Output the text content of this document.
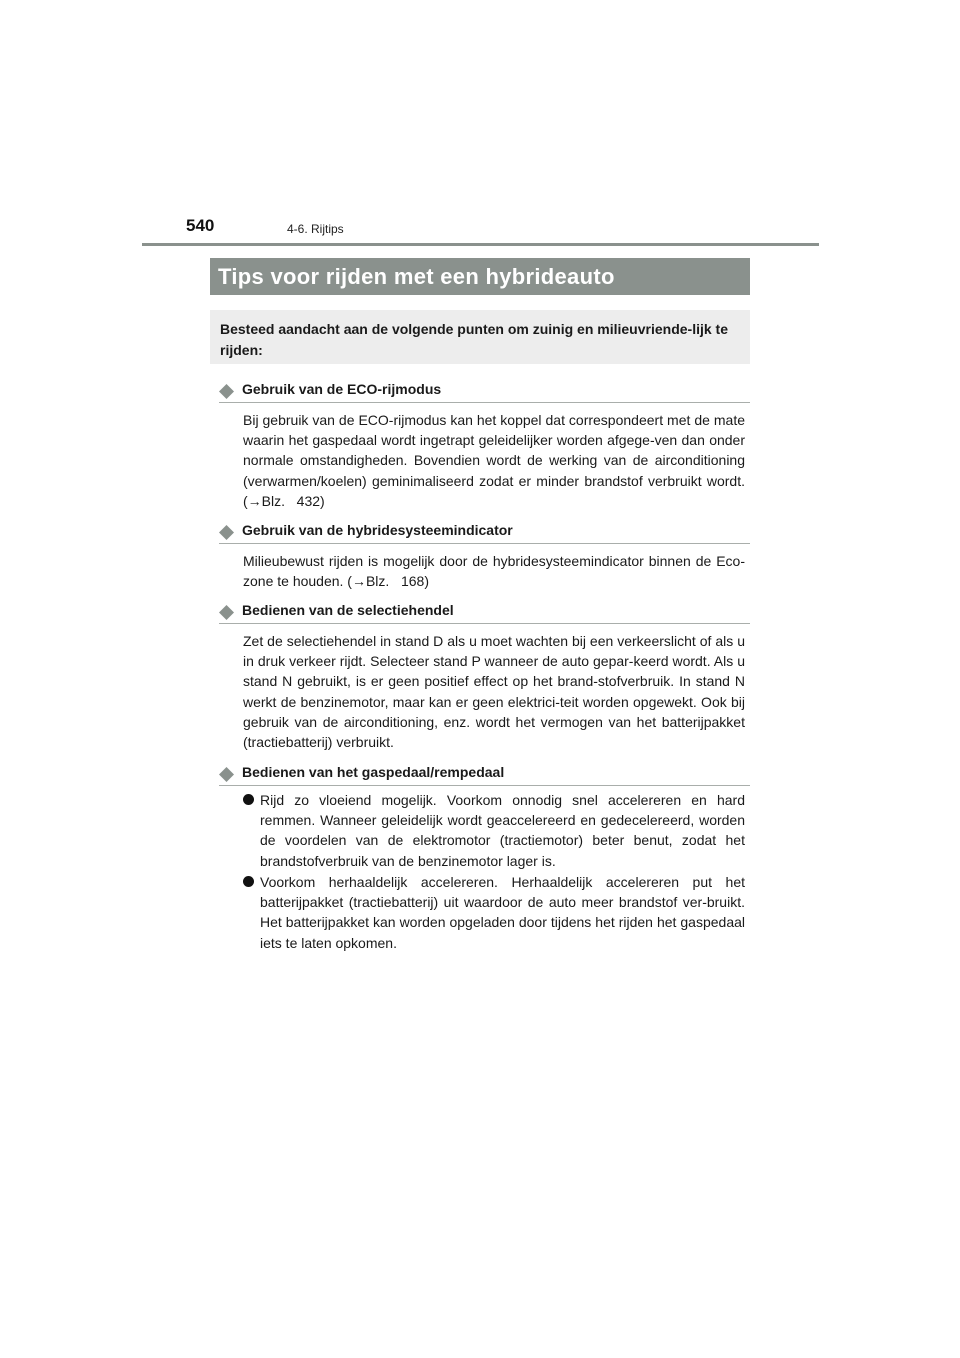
540	4-6. Rijtips
Tips voor rijden met een hybrideauto
Besteed aandacht aan de volgende punten om zuinig en milieuvriende-lijk te rijden:
Gebruik van de ECO-rijmodus

Bij gebruik van de ECO-rijmodus kan het koppel dat correspondeert met de mate waarin het gaspedaal wordt ingetrapt geleidelijker worden afgege-ven dan onder normale omstandigheden. Bovendien wordt de werking van de airconditioning (verwarmen/koelen) geminimaliseerd zodat er minder brandstof verbruikt wordt. (→Blz.   432)

Gebruik van de hybridesysteemindicator

Milieubewust rijden is mogelijk door de hybridesysteemindicator binnen de Eco-zone te houden. (→Blz.   168)

Bedienen van de selectiehendel

Zet de selectiehendel in stand D als u moet wachten bij een verkeerslicht of als u in druk verkeer rijdt. Selecteer stand P wanneer de auto gepar-keerd wordt. Als u stand N gebruikt, is er geen positief effect op het brand-stofverbruik. In stand N werkt de benzinemotor, maar kan er geen elektrici-teit worden opgewekt. Ook bij gebruik van de airconditioning, enz. wordt het vermogen van het batterijpakket (tractiebatterij) verbruikt.

Bedienen van het gaspedaal/rempedaal

Rijd zo vloeiend mogelijk. Voorkom onnodig snel accelereren en hard remmen. Wanneer geleidelijk wordt geaccelereerd en gedecelereerd, worden de voordelen van de elektromotor (tractiemotor) beter benut, zodat het brandstofverbruik van de benzinemotor lager is.

Voorkom herhaaldelijk accelereren. Herhaaldelijk accelereren put het batterijpakket (tractiebatterij) uit waardoor de auto meer brandstof ver-bruikt. Het batterijpakket kan worden opgeladen door tijdens het rijden het gaspedaal iets te laten opkomen.
